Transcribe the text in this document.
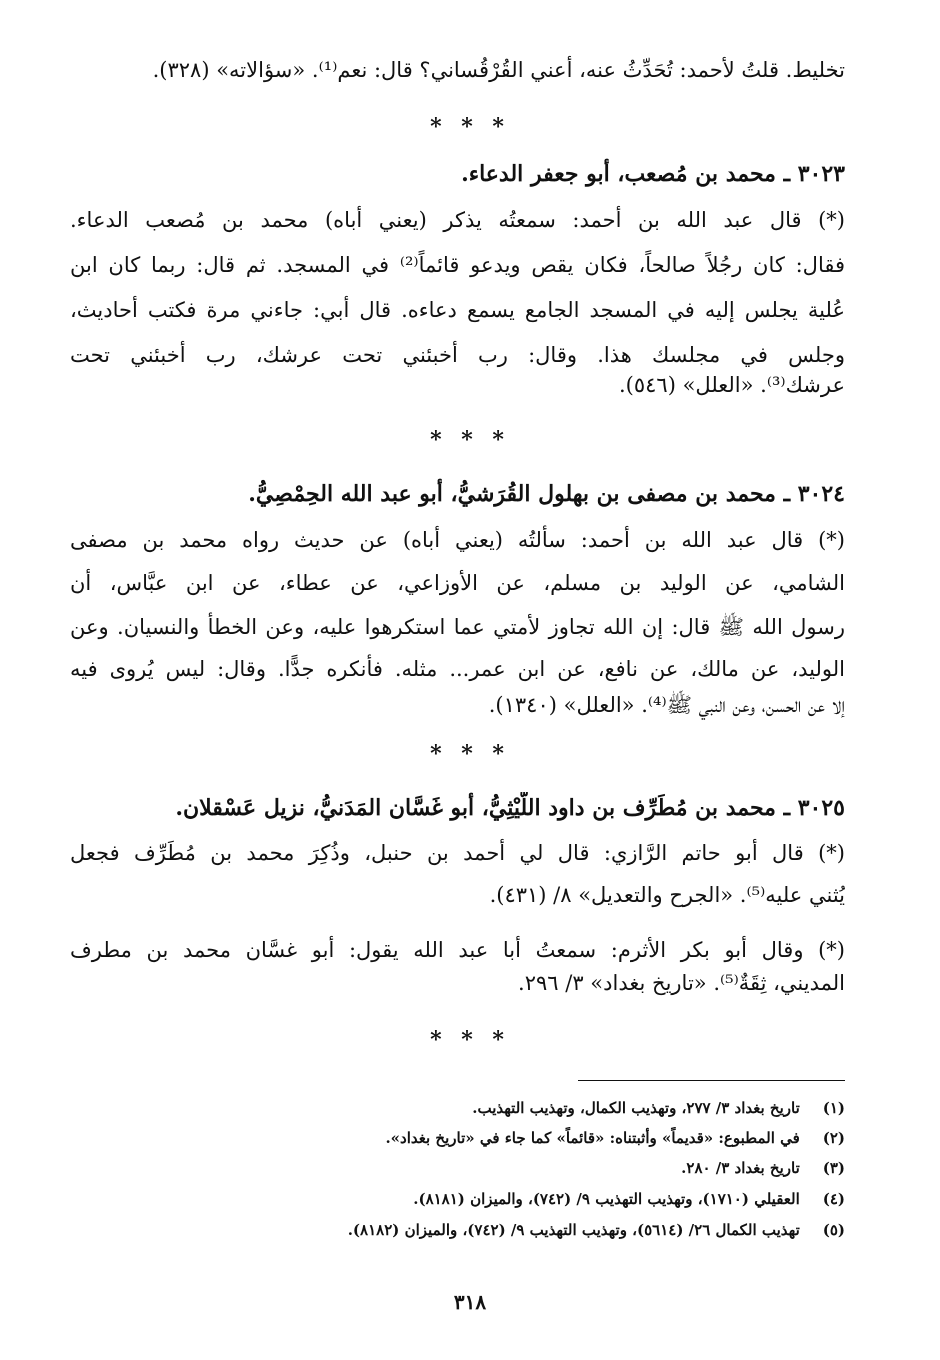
تخليط. قلتُ لأحمد: تُحَدِّثُ عنه، أعني القُرْقُساني؟ قال: نعم⁽¹⁾. «سؤالاته» (٣٢٨).

* * *
٣٠٢٣ ـ محمد بن مُصعب، أبو جعفر الدعاء.

(*) قال عبد الله بن أحمد: سمعتُه يذكر (يعني أباه) محمد بن مُصعب الدعاء.

فقال: كان رجُلاً صالحاً، فكان يقص ويدعو قائماً⁽²⁾ في المسجد. ثم قال: ربما كان ابن

عُلية يجلس إليه في المسجد الجامع يسمع دعاءه. قال أبي: جاءني مرة فكتب أحاديث،

وجلس في مجلسك هذا. وقال: رب أخبئني تحت عرشك، رب أخبئني تحت

عرشك⁽³⁾. «العلل» (٥٤٦).

* * *
٣٠٢٤ ـ محمد بن مصفى بن بهلول القُرَشيُّ، أبو عبد الله الحِمْصِيُّ.

(*) قال عبد الله بن أحمد: سألتُه (يعني أباه) عن حديث رواه محمد بن مصفى

الشامي، عن الوليد بن مسلم، عن الأوزاعي، عن عطاء، عن ابن عبَّاس، أن

رسول الله ﷺ قال: إن الله تجاوز لأمتي عما استكرهوا عليه، وعن الخطأ والنسيان. وعن

الوليد، عن مالك، عن نافع، عن ابن عمر... مثله. فأنكره جدًّا. وقال: ليس يُروى فيه

إلا عن الحسن، وعن النبي ﷺ⁽⁴⁾. «العلل» (١٣٤٠).

* * *
٣٠٢٥ ـ محمد بن مُطَرِّف بن داود اللَّيْثِيُّ، أبو غَسَّان المَدَنيُّ، نزيل عَسْقلان.

(*) قال أبو حاتم الرَّازي: قال لي أحمد بن حنبل، وذُكِرَ محمد بن مُطَرِّف فجعل

يُثني عليه⁽⁵⁾. «الجرح والتعديل» ٨/ (٤٣١).

(*) وقال أبو بكر الأثرم: سمعتُ أبا عبد الله يقول: أبو غسَّان محمد بن مطرف

المديني، ثِقَةٌ⁽⁵⁾. «تاريخ بغداد» ٣/ ٢٩٦.

* * *
(١) تاريخ بغداد ٣/ ٢٧٧، وتهذيب الكمال، وتهذيب التهذيب.
(٢) في المطبوع: «قديماً» وأثبتناه: «قائماً» كما جاء في «تاريخ بغداد».
(٣) تاريخ بغداد ٣/ ٢٨٠.
(٤) العقيلي (١٧١٠)، وتهذيب التهذيب ٩/ (٧٤٢)، والميزان (٨١٨١).
(٥) تهذيب الكمال ٢٦/ (٥٦١٤)، وتهذيب التهذيب ٩/ (٧٤٢)، والميزان (٨١٨٢).
٣١٨
